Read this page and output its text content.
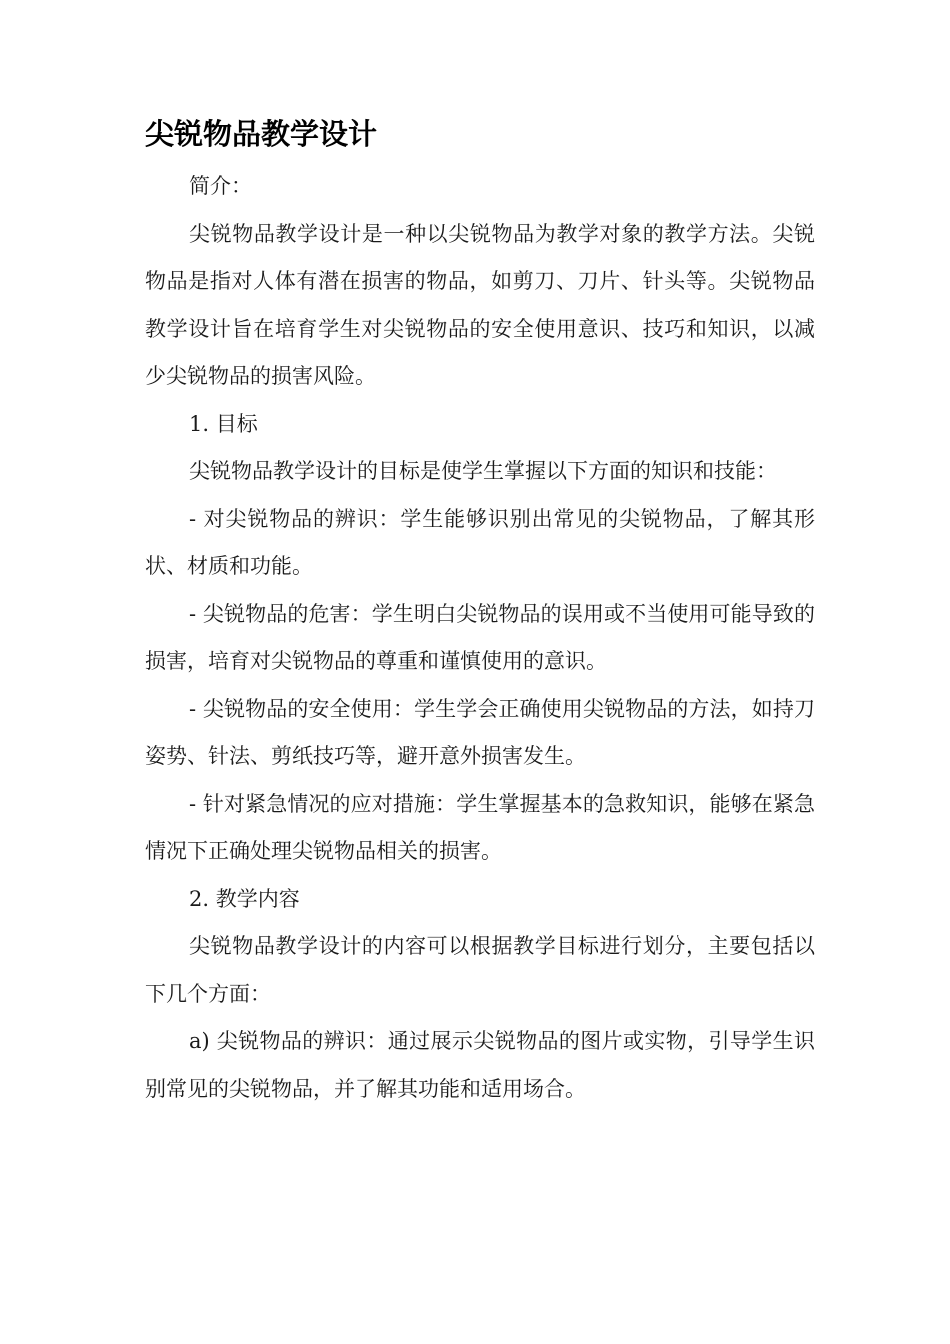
尖锐物品教学设计

简介：

尖锐物品教学设计是一种以尖锐物品为教学对象的教学方法。尖锐物品是指对人体有潜在损害的物品，如剪刀、刀片、针头等。尖锐物品教学设计旨在培育学生对尖锐物品的安全使用意识、技巧和知识，以减少尖锐物品的损害风险。

1. 目标

尖锐物品教学设计的目标是使学生掌握以下方面的知识和技能：

- 对尖锐物品的辨识：学生能够识别出常见的尖锐物品，了解其形状、材质和功能。

- 尖锐物品的危害：学生明白尖锐物品的误用或不当使用可能导致的损害，培育对尖锐物品的尊重和谨慎使用的意识。

- 尖锐物品的安全使用：学生学会正确使用尖锐物品的方法，如持刀姿势、针法、剪纸技巧等，避开意外损害发生。

- 针对紧急情况的应对措施：学生掌握基本的急救知识，能够在紧急情况下正确处理尖锐物品相关的损害。

2. 教学内容

尖锐物品教学设计的内容可以根据教学目标进行划分，主要包括以下几个方面：

a) 尖锐物品的辨识：通过展示尖锐物品的图片或实物，引导学生识别常见的尖锐物品，并了解其功能和适用场合。
